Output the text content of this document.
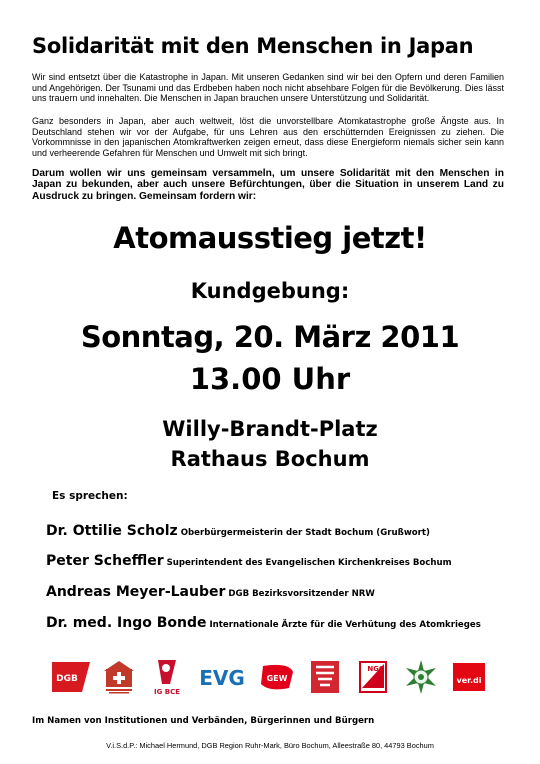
Solidarität mit den Menschen in Japan
Wir sind entsetzt über die Katastrophe in Japan. Mit unseren Gedanken sind wir bei den Opfern und deren Familien und Angehörigen. Der Tsunami und das Erdbeben haben noch nicht absehbare Folgen für die Bevölkerung. Dies lässt uns trauern und innehalten. Die Menschen in Japan brauchen unsere Unterstützung und Solidarität.
Ganz besonders in Japan, aber auch weltweit, löst die unvorstellbare Atomkatastrophe große Ängste aus. In Deutschland stehen wir vor der Aufgabe, für uns Lehren aus den erschütternden Ereignissen zu ziehen. Die Vorkommnisse in den japanischen Atomkraftwerken zeigen erneut, dass diese Energieform niemals sicher sein kann und verheerende Gefahren für Menschen und Umwelt mit sich bringt.
Darum wollen wir uns gemeinsam versammeln, um unsere Solidarität mit den Menschen in Japan zu bekunden, aber auch unsere Befürchtungen, über die Situation in unserem Land zu Ausdruck zu bringen. Gemeinsam fordern wir:
Atomausstieg jetzt!
Kundgebung:
Sonntag, 20. März 2011
13.00 Uhr
Willy-Brandt-Platz
Rathaus Bochum
Es sprechen:
Dr. Ottilie Scholz Oberbürgermeisterin der Stadt Bochum (Grußwort)
Peter Scheffler Superintendent des Evangelischen Kirchenkreises Bochum
Andreas Meyer-Lauber DGB Bezirksvorsitzender NRW
Dr. med. Ingo Bonde Internationale Ärzte für die Verhütung des Atomkrieges
DGB
IG BCE
EVG	GEW
NGG
ver.di
Im Namen von Institutionen und Verbänden, Bürgerinnen und Bürgern
V.i.S.d.P.: Michael Hermund, DGB Region Ruhr-Mark, Büro Bochum, Alleestraße 80, 44793 Bochum
